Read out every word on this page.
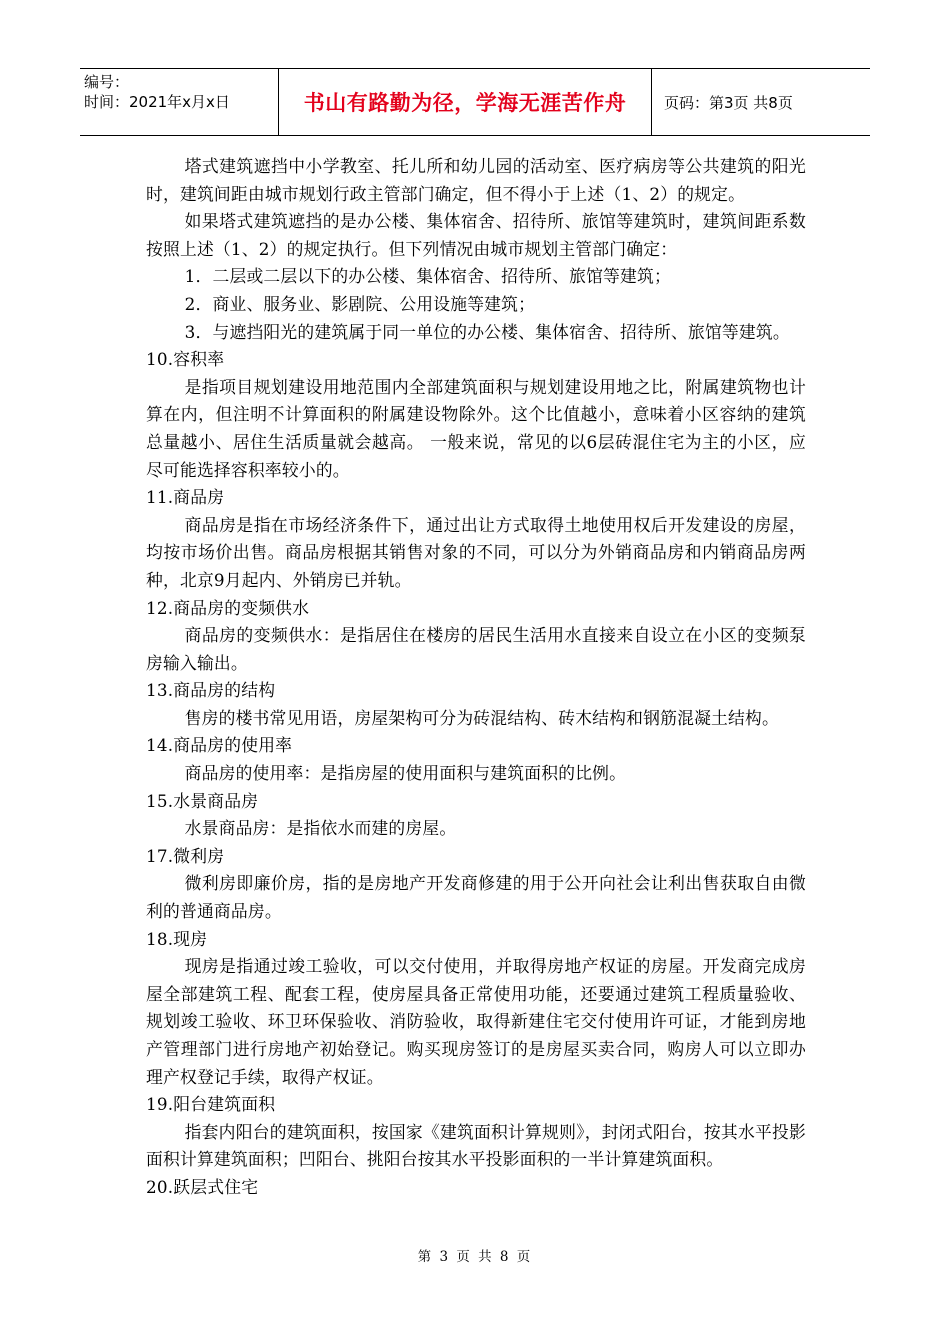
编号：
时间：2021年x月x日	书山有路勤为径，学海无涯苦作舟	页码：第3页 共8页

塔式建筑遮挡中小学教室、托儿所和幼儿园的活动室、医疗病房等公共建筑的阳光时，建筑间距由城市规划行政主管部门确定，但不得小于上述（1、2）的规定。

如果塔式建筑遮挡的是办公楼、集体宿舍、招待所、旅馆等建筑时，建筑间距系数按照上述（1、2）的规定执行。但下列情况由城市规划主管部门确定：

1．二层或二层以下的办公楼、集体宿舍、招待所、旅馆等建筑；

2．商业、服务业、影剧院、公用设施等建筑；

3．与遮挡阳光的建筑属于同一单位的办公楼、集体宿舍、招待所、旅馆等建筑。

10.容积率

是指项目规划建设用地范围内全部建筑面积与规划建设用地之比，附属建筑物也计算在内，但注明不计算面积的附属建设物除外。这个比值越小，意味着小区容纳的建筑总量越小、居住生活质量就会越高。 一般来说，常见的以6层砖混住宅为主的小区，应尽可能选择容积率较小的。

11.商品房

商品房是指在市场经济条件下，通过出让方式取得土地使用权后开发建设的房屋，均按市场价出售。商品房根据其销售对象的不同，可以分为外销商品房和内销商品房两种，北京9月起内、外销房已并轨。

12.商品房的变频供水

商品房的变频供水：是指居住在楼房的居民生活用水直接来自设立在小区的变频泵房输入输出。

13.商品房的结构

售房的楼书常见用语，房屋架构可分为砖混结构、砖木结构和钢筋混凝土结构。

14.商品房的使用率

商品房的使用率：是指房屋的使用面积与建筑面积的比例。

15.水景商品房

水景商品房：是指依水而建的房屋。

17.微利房

微利房即廉价房，指的是房地产开发商修建的用于公开向社会让利出售获取自由微利的普通商品房。

18.现房

现房是指通过竣工验收，可以交付使用，并取得房地产权证的房屋。开发商完成房屋全部建筑工程、配套工程，使房屋具备正常使用功能，还要通过建筑工程质量验收、规划竣工验收、环卫环保验收、消防验收，取得新建住宅交付使用许可证，才能到房地产管理部门进行房地产初始登记。购买现房签订的是房屋买卖合同，购房人可以立即办理产权登记手续，取得产权证。

19.阳台建筑面积

指套内阳台的建筑面积，按国家《建筑面积计算规则》，封闭式阳台，按其水平投影面积计算建筑面积；凹阳台、挑阳台按其水平投影面积的一半计算建筑面积。

20.跃层式住宅

第 3 页 共 8 页
